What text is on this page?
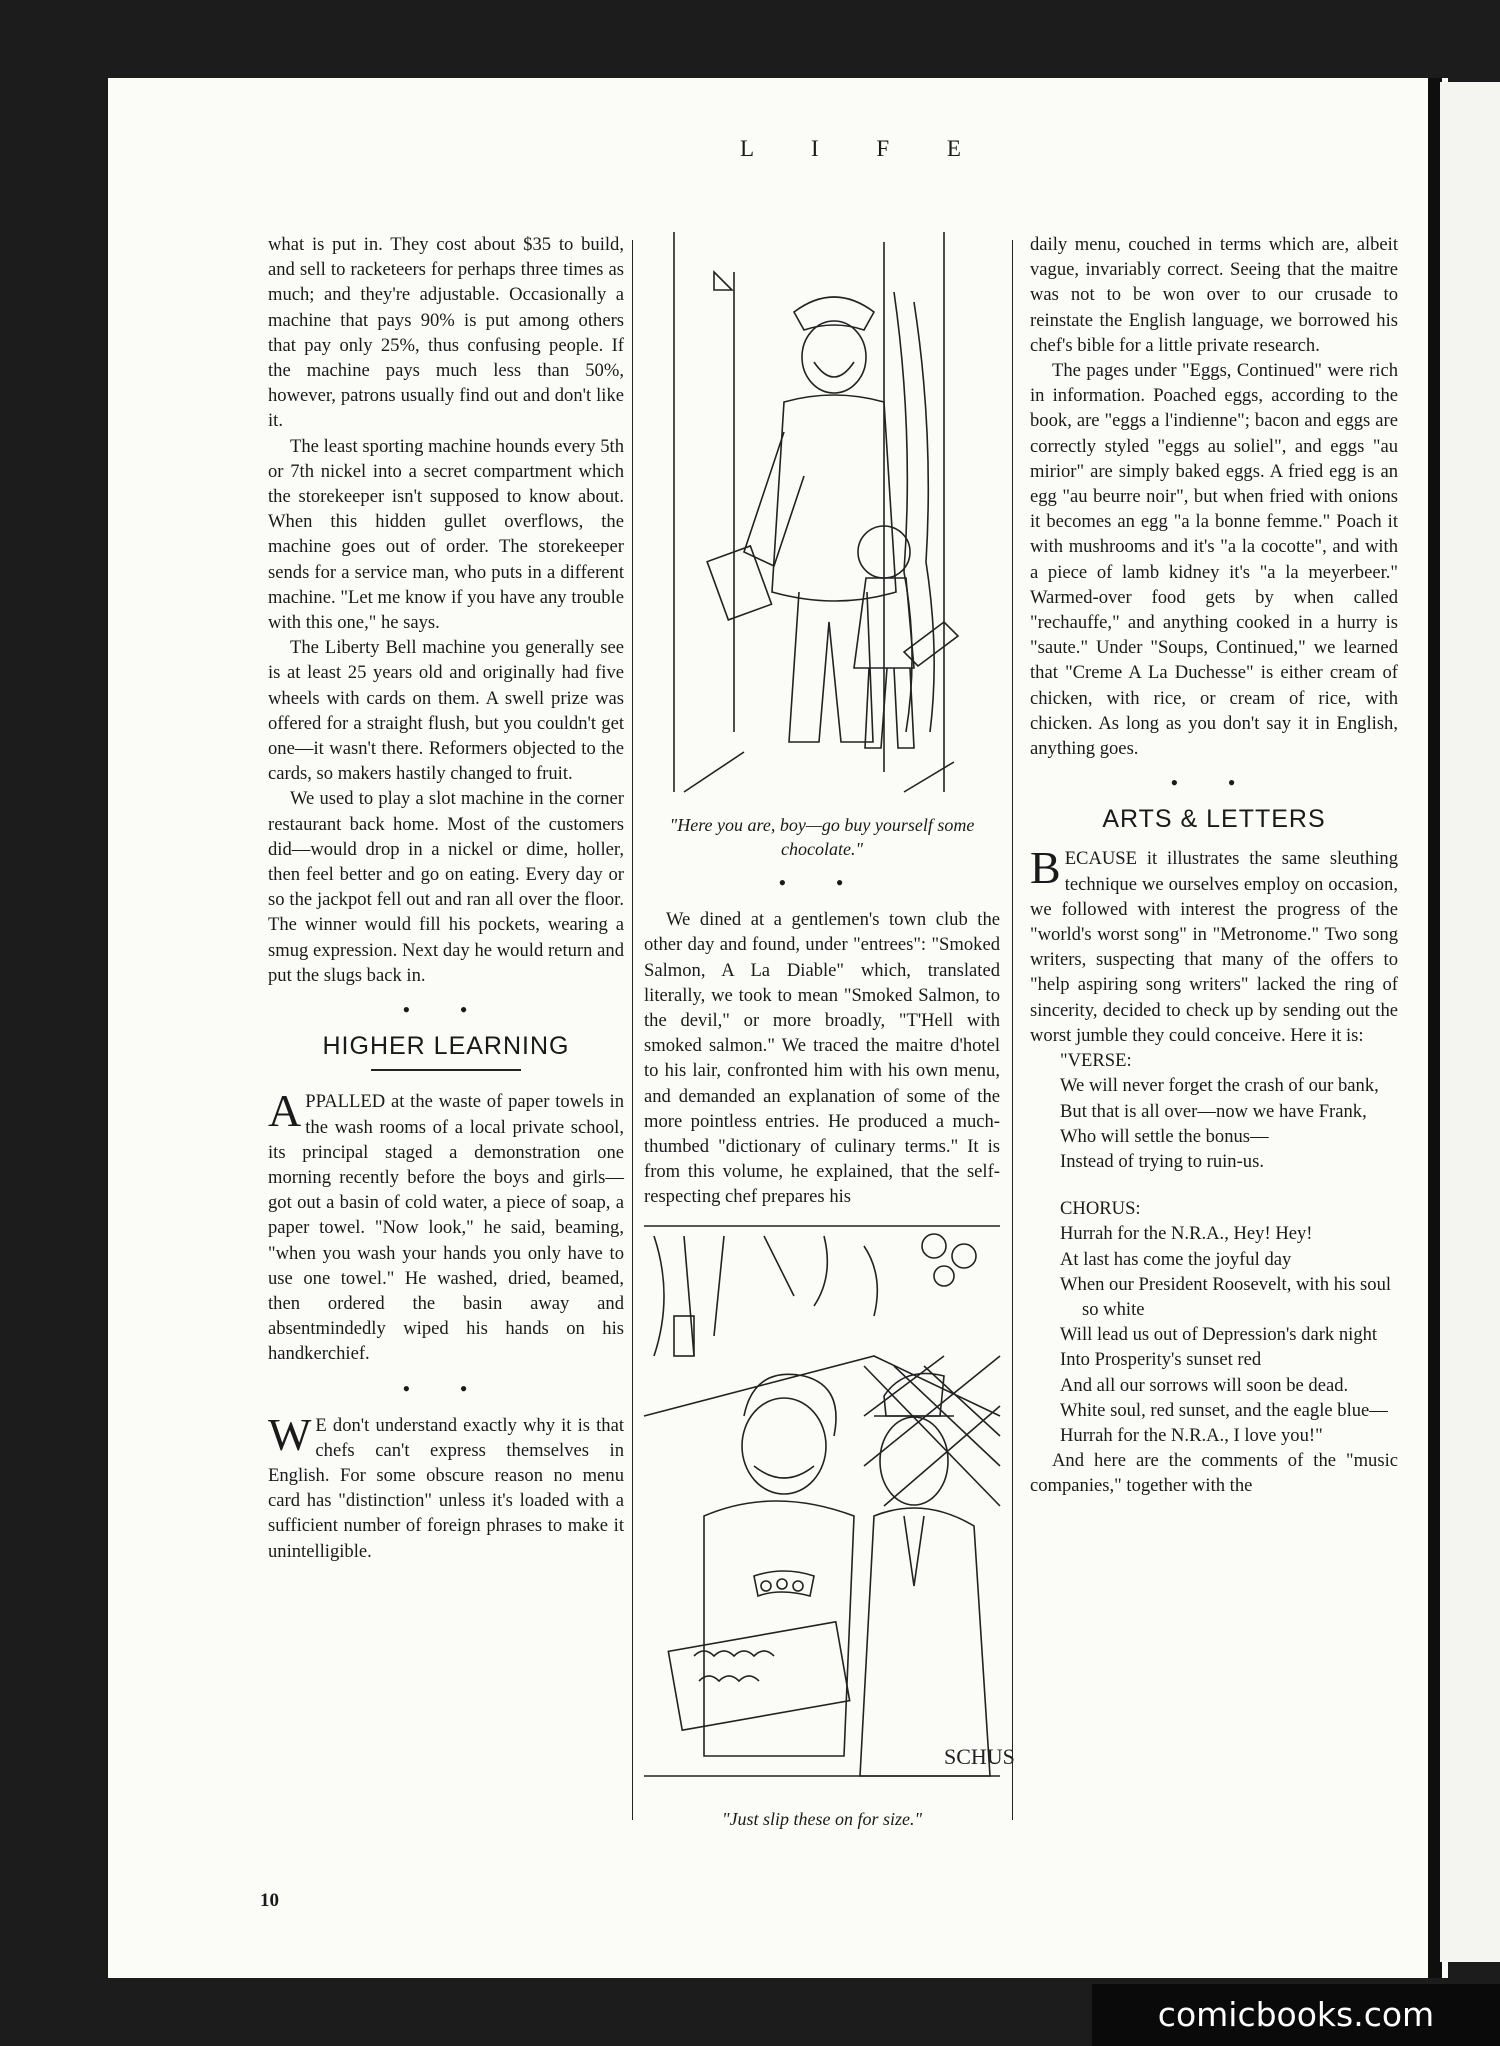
L I F E

what is put in. They cost about $35 to build, and sell to racketeers for perhaps three times as much; and they're adjustable. Occasionally a machine that pays 90% is put among others that pay only 25%, thus confusing people. If the machine pays much less than 50%, however, patrons usually find out and don't like it.

The least sporting machine hounds every 5th or 7th nickel into a secret compartment which the storekeeper isn't supposed to know about. When this hidden gullet overflows, the machine goes out of order. The storekeeper sends for a service man, who puts in a different machine. "Let me know if you have any trouble with this one," he says.

The Liberty Bell machine you generally see is at least 25 years old and originally had five wheels with cards on them. A swell prize was offered for a straight flush, but you couldn't get one—it wasn't there. Reformers objected to the cards, so makers hastily changed to fruit.

We used to play a slot machine in the corner restaurant back home. Most of the customers did—would drop in a nickel or dime, holler, then feel better and go on eating. Every day or so the jackpot fell out and ran all over the floor. The winner would fill his pockets, wearing a smug expression. Next day he would return and put the slugs back in.

• •
HIGHER LEARNING

APPALLED at the waste of paper towels in the wash rooms of a local private school, its principal staged a demonstration one morning recently before the boys and girls—got out a basin of cold water, a piece of soap, a paper towel. "Now look," he said, beaming, "when you wash your hands you only have to use one towel." He washed, dried, beamed, then ordered the basin away and absentmindedly wiped his hands on his handkerchief.

• •

W E don't understand exactly why it is that chefs can't express themselves in English. For some obscure reason no menu card has "distinction" unless it's loaded with a sufficient number of foreign phrases to make it unintelligible.

"Here you are, boy—go buy yourself some chocolate."
• •

We dined at a gentlemen's town club the other day and found, under "entrees": "Smoked Salmon, A La Diable" which, translated literally, we took to mean "Smoked Salmon, to the devil," or more broadly, "T'Hell with smoked salmon." We traced the maitre d'hotel to his lair, confronted him with his own menu, and demanded an explanation of some of the more pointless entries. He produced a much-thumbed "dictionary of culinary terms." It is from this volume, he explained, that the self-respecting chef prepares his

SCHUS
"Just slip these on for size."

daily menu, couched in terms which are, albeit vague, invariably correct. Seeing that the maitre was not to be won over to our crusade to reinstate the English language, we borrowed his chef's bible for a little private research.

The pages under "Eggs, Continued" were rich in information. Poached eggs, according to the book, are "eggs a l'indienne"; bacon and eggs are correctly styled "eggs au soliel", and eggs "au mirior" are simply baked eggs. A fried egg is an egg "au beurre noir", but when fried with onions it becomes an egg "a la bonne femme." Poach it with mushrooms and it's "a la cocotte", and with a piece of lamb kidney it's "a la meyerbeer." Warmed-over food gets by when called "rechauffe," and anything cooked in a hurry is "saute." Under "Soups, Continued," we learned that "Creme A La Duchesse" is either cream of chicken, with rice, or cream of rice, with chicken. As long as you don't say it in English, anything goes.

• •
ARTS & LETTERS

BECAUSE it illustrates the same sleuthing technique we ourselves employ on occasion, we followed with interest the progress of the "world's worst song" in "Metronome." Two song writers, suspecting that many of the offers to "help aspiring song writers" lacked the ring of sincerity, decided to check up by sending out the worst jumble they could conceive. Here it is:

"VERSE:
We will never forget the crash of our bank,
But that is all over—now we have Frank,
Who will settle the bonus—
Instead of trying to ruin-us.
CHORUS:
Hurrah for the N.R.A., Hey! Hey!
At last has come the joyful day
When our President Roosevelt, with his soul so white
Will lead us out of Depression's dark night
Into Prosperity's sunset red
And all our sorrows will soon be dead.
White soul, red sunset, and the eagle blue—
Hurrah for the N.R.A., I love you!"

And here are the comments of the "music companies," together with the

10
comicbooks.com
